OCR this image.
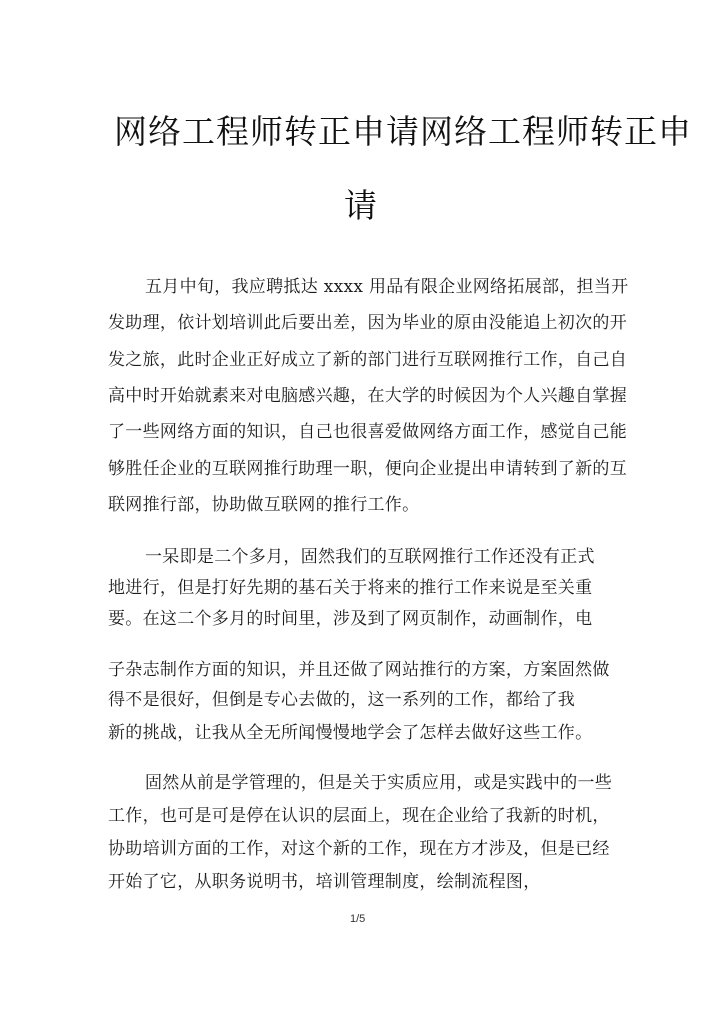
网络工程师转正申请网络工程师转正申
请
五月中旬，我应聘抵达 xxxx 用品有限企业网络拓展部，担当开
发助理，依计划培训此后要出差，因为毕业的原由没能追上初次的开
发之旅，此时企业正好成立了新的部门进行互联网推行工作，自己自
高中时开始就素来对电脑感兴趣，在大学的时候因为个人兴趣自掌握
了一些网络方面的知识，自己也很喜爱做网络方面工作，感觉自己能
够胜任企业的互联网推行助理一职，便向企业提出申请转到了新的互
联网推行部，协助做互联网的推行工作。
一呆即是二个多月，固然我们的互联网推行工作还没有正式
地进行，但是打好先期的基石关于将来的推行工作来说是至关重
要。在这二个多月的时间里，涉及到了网页制作，动画制作，电
子杂志制作方面的知识，并且还做了网站推行的方案，方案固然做
得不是很好，但倒是专心去做的，这一系列的工作，都给了我
新的挑战，让我从全无所闻慢慢地学会了怎样去做好这些工作。
固然从前是学管理的，但是关于实质应用，或是实践中的一些
工作，也可是可是停在认识的层面上，现在企业给了我新的时机，
协助培训方面的工作，对这个新的工作，现在方才涉及，但是已经
开始了它，从职务说明书，培训管理制度，绘制流程图，
1/5
